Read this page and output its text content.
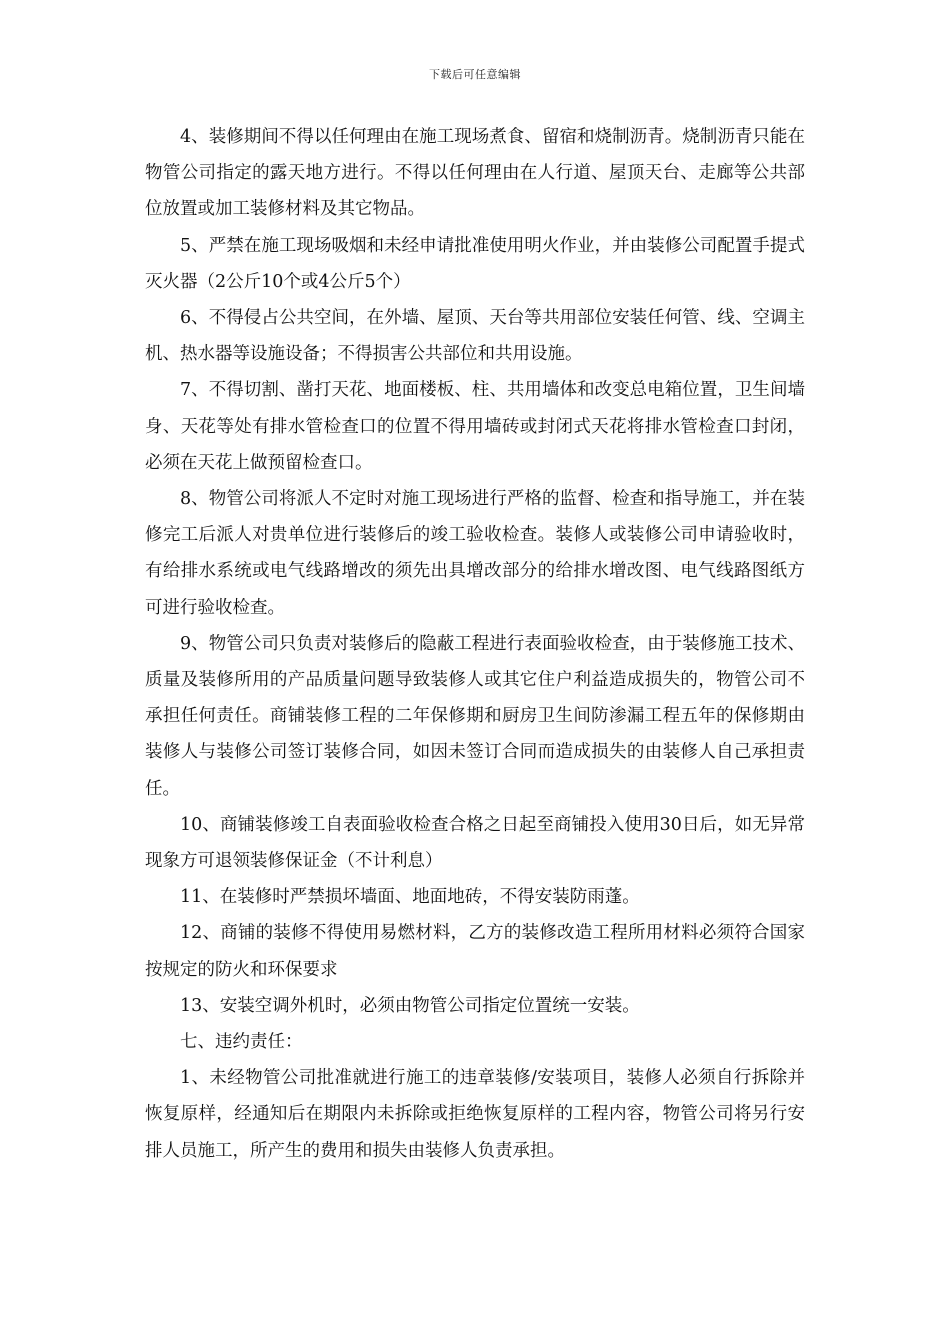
下载后可任意编辑

4、装修期间不得以任何理由在施工现场煮食、留宿和烧制沥青。烧制沥青只能在物管公司指定的露天地方进行。不得以任何理由在人行道、屋顶天台、走廊等公共部位放置或加工装修材料及其它物品。

5、严禁在施工现场吸烟和未经申请批准使用明火作业，并由装修公司配置手提式灭火器（2公斤10个或4公斤5个）

6、不得侵占公共空间，在外墙、屋顶、天台等共用部位安装任何管、线、空调主机、热水器等设施设备；不得损害公共部位和共用设施。

7、不得切割、凿打天花、地面楼板、柱、共用墙体和改变总电箱位置，卫生间墙身、天花等处有排水管检查口的位置不得用墙砖或封闭式天花将排水管检查口封闭，必须在天花上做预留检查口。

8、物管公司将派人不定时对施工现场进行严格的监督、检查和指导施工，并在装修完工后派人对贵单位进行装修后的竣工验收检查。装修人或装修公司申请验收时，有给排水系统或电气线路增改的须先出具增改部分的给排水增改图、电气线路图纸方可进行验收检查。

9、物管公司只负责对装修后的隐蔽工程进行表面验收检查，由于装修施工技术、质量及装修所用的产品质量问题导致装修人或其它住户利益造成损失的，物管公司不承担任何责任。商铺装修工程的二年保修期和厨房卫生间防渗漏工程五年的保修期由装修人与装修公司签订装修合同，如因未签订合同而造成损失的由装修人自己承担责任。

10、商铺装修竣工自表面验收检查合格之日起至商铺投入使用30日后，如无异常现象方可退领装修保证金（不计利息）

11、在装修时严禁损坏墙面、地面地砖，不得安装防雨蓬。

12、商铺的装修不得使用易燃材料，乙方的装修改造工程所用材料必须符合国家按规定的防火和环保要求

13、安装空调外机时，必须由物管公司指定位置统一安装。

七、违约责任：

1、未经物管公司批准就进行施工的违章装修/安装项目，装修人必须自行拆除并恢复原样，经通知后在期限内未拆除或拒绝恢复原样的工程内容，物管公司将另行安排人员施工，所产生的费用和损失由装修人负责承担。
